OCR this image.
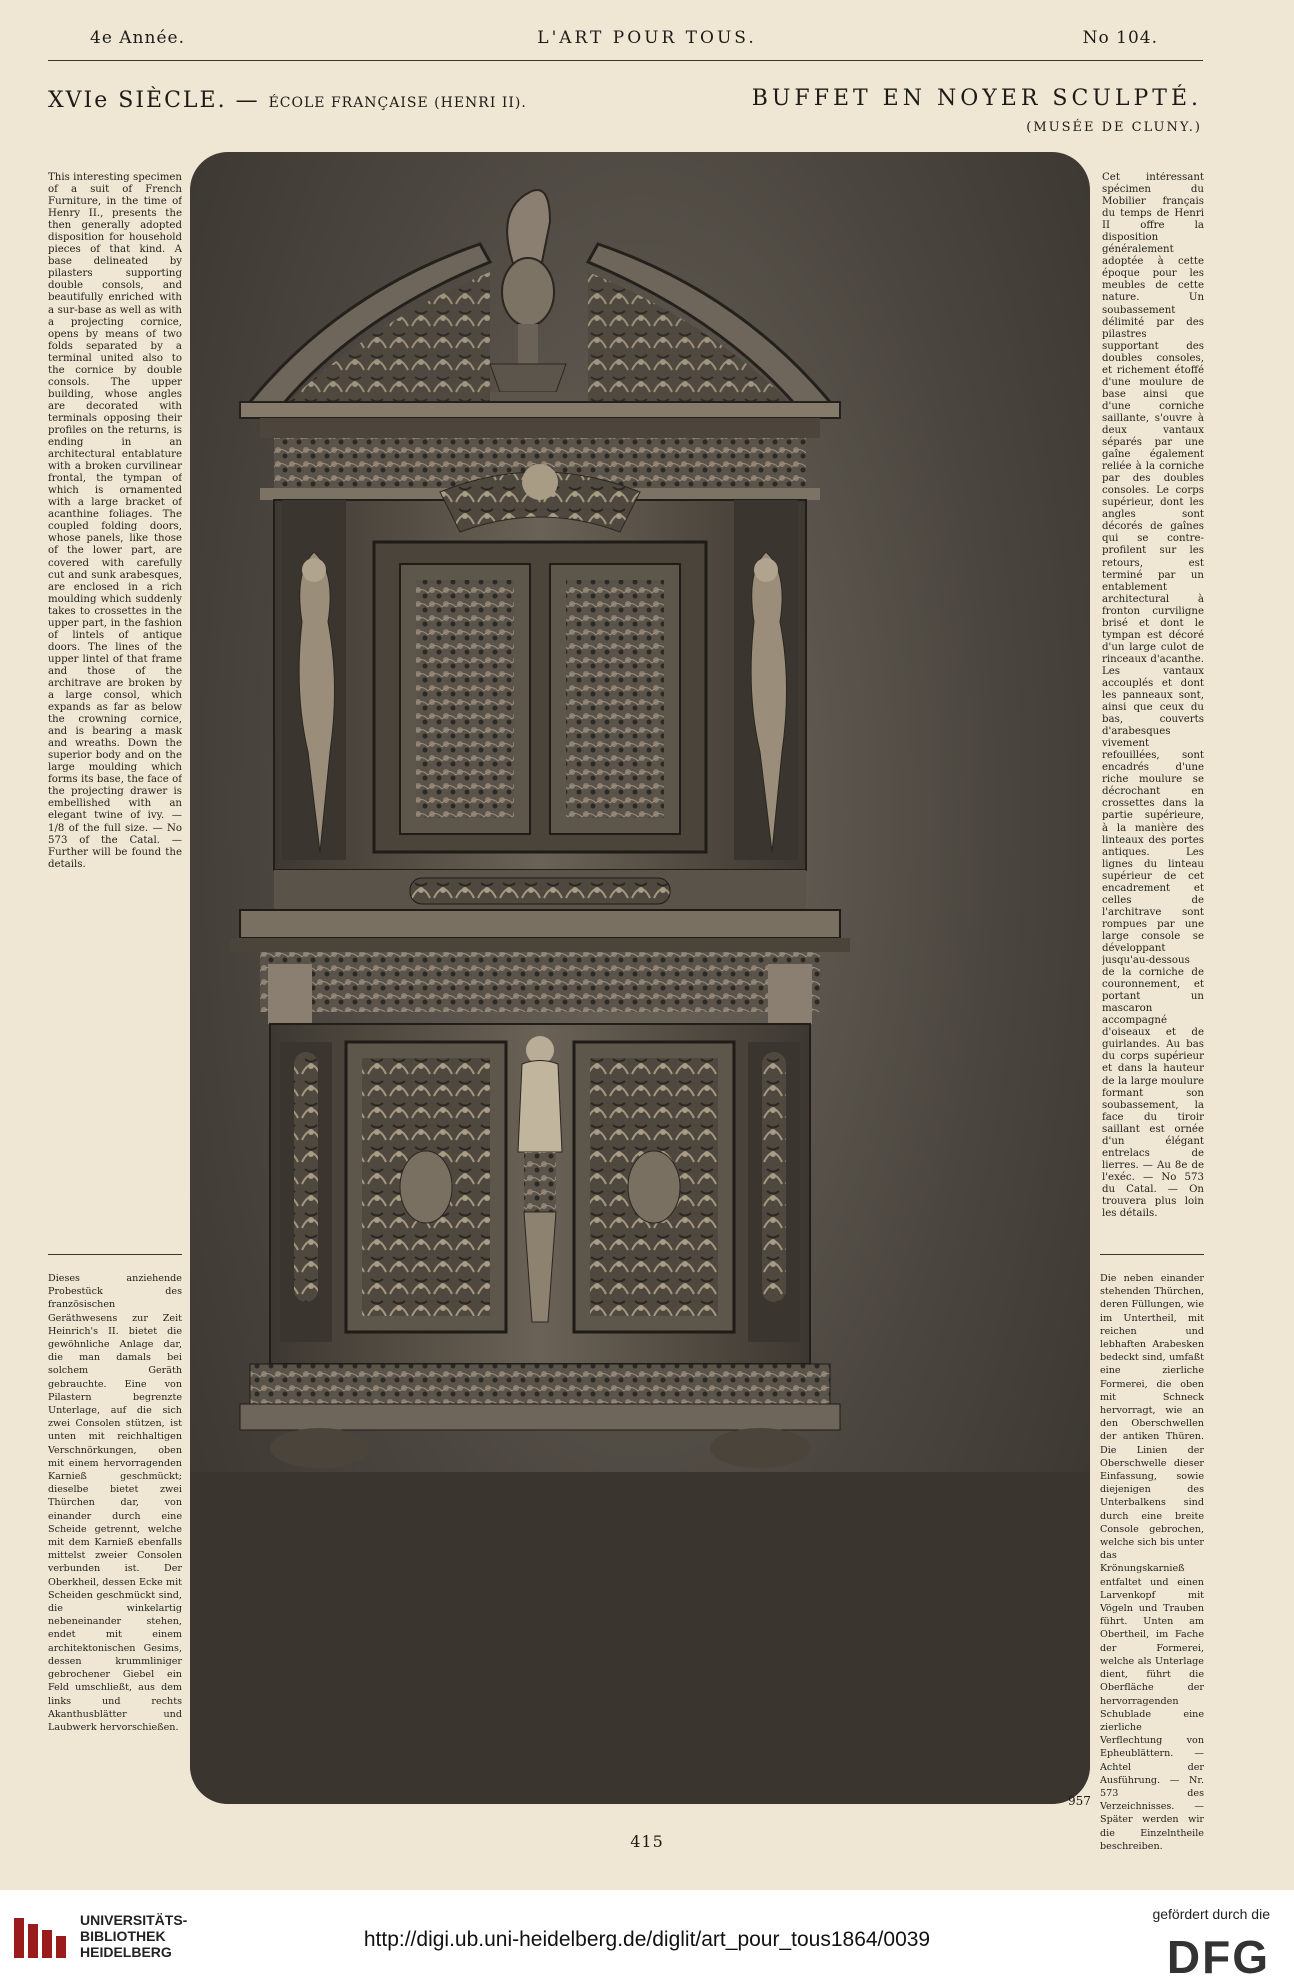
4e Année.	L'ART POUR TOUS.	No 104.
XVIe SIÈCLE. — ÉCOLE FRANÇAISE (HENRI II).	BUFFET EN NOYER SCULPTÉ.
(MUSÉE DE CLUNY.)
This interesting specimen of a suit of French Furniture, in the time of Henry II., presents the then generally adopted disposition for household pieces of that kind. A base delineated by pilasters supporting double consols, and beautifully enriched with a sur-base as well as with a projecting cornice, opens by means of two folds separated by a terminal united also to the cornice by double consols. The upper building, whose angles are decorated with terminals opposing their profiles on the returns, is ending in an architectural entablature with a broken curvilinear frontal, the tympan of which is ornamented with a large bracket of acanthine foliages. The coupled folding doors, whose panels, like those of the lower part, are covered with carefully cut and sunk arabesques, are enclosed in a rich moulding which suddenly takes to crossettes in the upper part, in the fashion of lintels of antique doors. The lines of the upper lintel of that frame and those of the architrave are broken by a large consol, which expands as far as below the crowning cornice, and is bearing a mask and wreaths. Down the superior body and on the large moulding which forms its base, the face of the projecting drawer is embellished with an elegant twine of ivy. — 1/8 of the full size. — No 573 of the Catal. — Further will be found the details.
Cet intéressant spécimen du Mobilier français du temps de Henri II offre la disposition généralement adoptée à cette époque pour les meubles de cette nature. Un soubassement délimité par des pilastres supportant des doubles consoles, et richement étoffé d'une moulure de base ainsi que d'une corniche saillante, s'ouvre à deux vantaux séparés par une gaîne également reliée à la corniche par des doubles consoles. Le corps supérieur, dont les angles sont décorés de gaînes qui se contre-profilent sur les retours, est terminé par un entablement architectural à fronton curviligne brisé et dont le tympan est décoré d'un large culot de rinceaux d'acanthe. Les vantaux accouplés et dont les panneaux sont, ainsi que ceux du bas, couverts d'arabesques vivement refouillées, sont encadrés d'une riche moulure se décrochant en crossettes dans la partie supérieure, à la manière des linteaux des portes antiques. Les lignes du linteau supérieur de cet encadrement et celles de l'architrave sont rompues par une large console se développant jusqu'au-dessous de la corniche de couronnement, et portant un mascaron accompagné d'oiseaux et de guirlandes. Au bas du corps supérieur et dans la hauteur de la large moulure formant son soubassement, la face du tiroir saillant est ornée d'un élégant entrelacs de lierres. — Au 8e de l'exéc. — No 573 du Catal. — On trouvera plus loin les détails.
Dieses anziehende Probestück des französischen Geräthwesens zur Zeit Heinrich's II. bietet die gewöhnliche Anlage dar, die man damals bei solchem Geräth gebrauchte. Eine von Pilastern begrenzte Unterlage, auf die sich zwei Consolen stützen, ist unten mit reichhaltigen Verschnörkungen, oben mit einem hervorragenden Karnieß geschmückt; dieselbe bietet zwei Thürchen dar, von einander durch eine Scheide getrennt, welche mit dem Karnieß ebenfalls mittelst zweier Consolen verbunden ist. Der Oberkheil, dessen Ecke mit Scheiden geschmückt sind, die winkelartig nebeneinander stehen, endet mit einem architektonischen Gesims, dessen krummliniger gebrochener Giebel ein Feld umschließt, aus dem links und rechts Akanthusblätter und Laubwerk hervorschießen.
Die neben einander stehenden Thürchen, deren Füllungen, wie im Untertheil, mit reichen und lebhaften Arabesken bedeckt sind, umfaßt eine zierliche Formerei, die oben mit Schneck hervorragt, wie an den Oberschwellen der antiken Thüren. Die Linien der Oberschwelle dieser Einfassung, sowie diejenigen des Unterbalkens sind durch eine breite Console gebrochen, welche sich bis unter das Krönungskarnieß entfaltet und einen Larvenkopf mit Vögeln und Trauben führt. Unten am Obertheil, im Fache der Formerei, welche als Unterlage dient, führt die Oberfläche der hervorragenden Schublade eine zierliche Verflechtung von Epheublättern. — Achtel der Ausführung. — Nr. 573 des Verzeichnisses. — Später werden wir die Einzelntheile beschreiben.
957
415
UNIVERSITÄTS-
BIBLIOTHEK
HEIDELBERG
http://digi.ub.uni-heidelberg.de/diglit/art_pour_tous1864/0039
gefördert durch die
DFG
